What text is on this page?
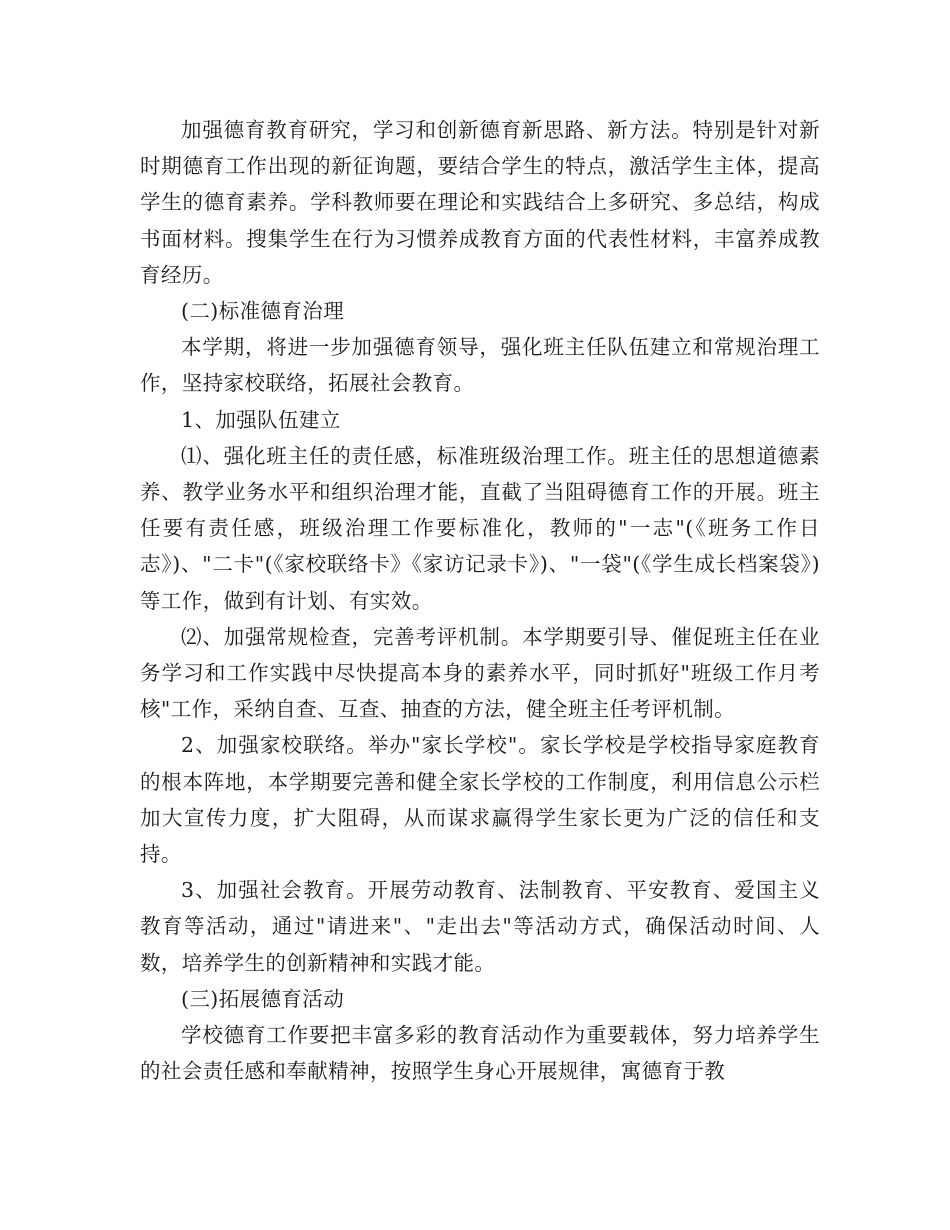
加强德育教育研究，学习和创新德育新思路、新方法。特别是针对新时期德育工作出现的新征询题，要结合学生的特点，激活学生主体，提高学生的德育素养。学科教师要在理论和实践结合上多研究、多总结，构成书面材料。搜集学生在行为习惯养成教育方面的代表性材料，丰富养成教育经历。

(二)标准德育治理

本学期，将进一步加强德育领导，强化班主任队伍建立和常规治理工作，坚持家校联络，拓展社会教育。

1、加强队伍建立

⑴、强化班主任的责任感，标准班级治理工作。班主任的思想道德素养、教学业务水平和组织治理才能，直截了当阻碍德育工作的开展。班主任要有责任感，班级治理工作要标准化，教师的"一志"(《班务工作日志》)、"二卡"(《家校联络卡》《家访记录卡》)、"一袋"(《学生成长档案袋》)等工作，做到有计划、有实效。

⑵、加强常规检查，完善考评机制。本学期要引导、催促班主任在业务学习和工作实践中尽快提高本身的素养水平，同时抓好"班级工作月考核"工作，采纳自查、互查、抽查的方法，健全班主任考评机制。

2、加强家校联络。举办"家长学校"。家长学校是学校指导家庭教育的根本阵地，本学期要完善和健全家长学校的工作制度，利用信息公示栏加大宣传力度，扩大阻碍，从而谋求赢得学生家长更为广泛的信任和支持。

3、加强社会教育。开展劳动教育、法制教育、平安教育、爱国主义教育等活动，通过"请进来"、"走出去"等活动方式，确保活动时间、人数，培养学生的创新精神和实践才能。

(三)拓展德育活动

学校德育工作要把丰富多彩的教育活动作为重要载体，努力培养学生的社会责任感和奉献精神，按照学生身心开展规律，寓德育于教
